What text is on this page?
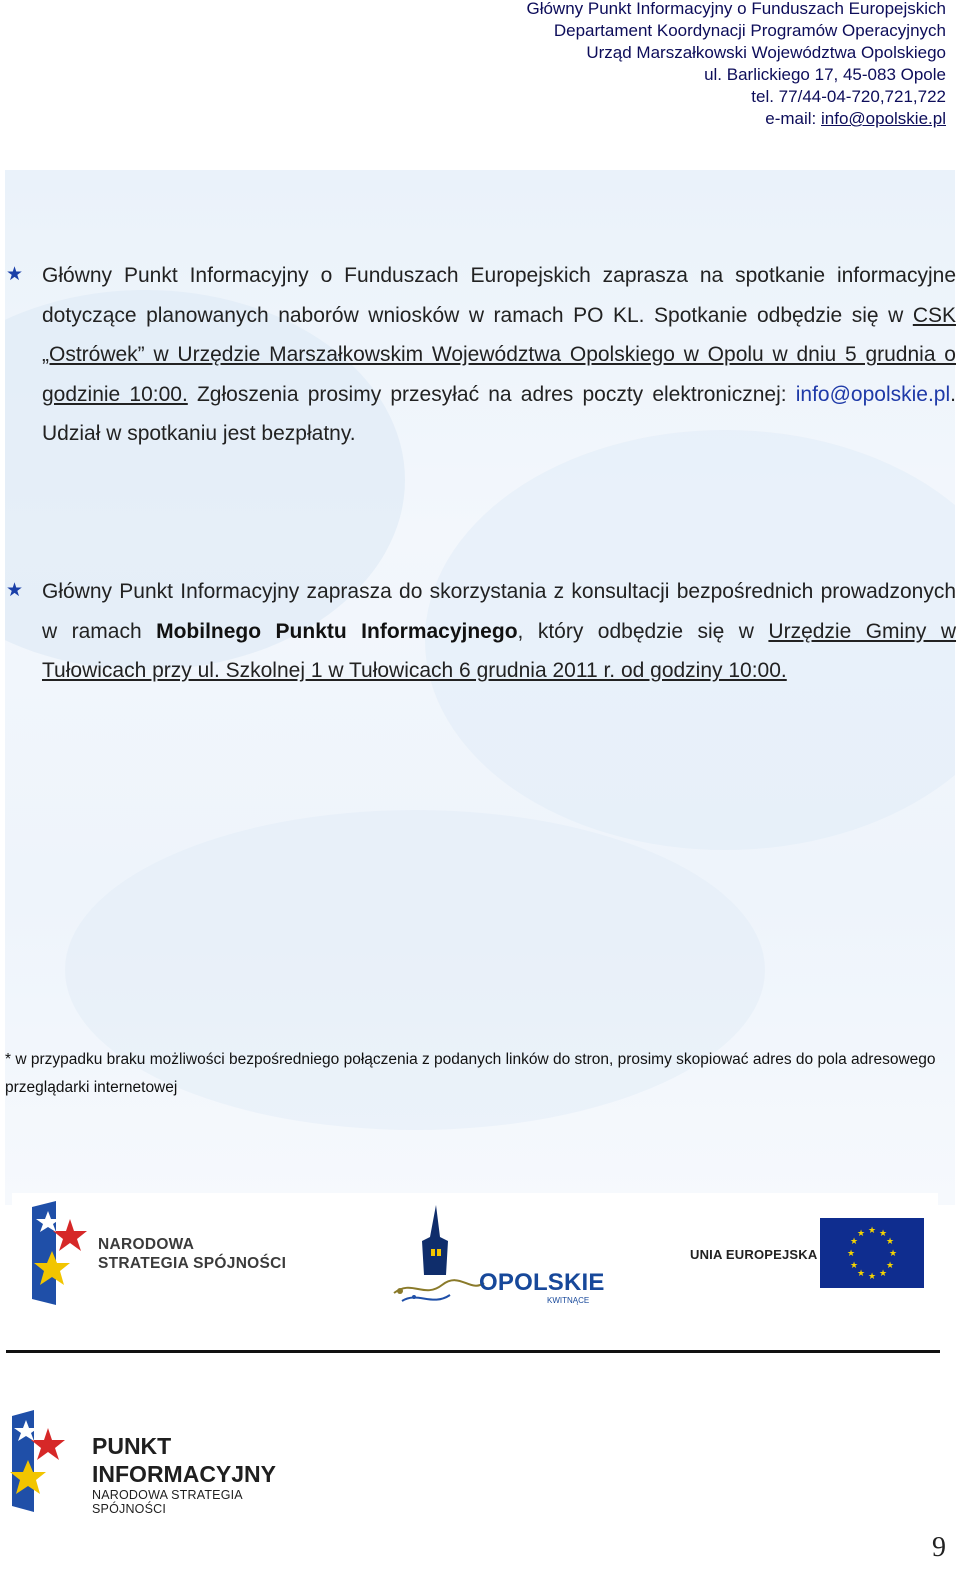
Główny Punkt Informacyjny o Funduszach Europejskich
Departament Koordynacji Programów Operacyjnych
Urząd Marszałkowski Województwa Opolskiego
ul. Barlickiego 17, 45-083 Opole
tel. 77/44-04-720,721,722
e-mail: info@opolskie.pl
★ Główny Punkt Informacyjny o Funduszach Europejskich zaprasza na spotkanie informacyjne dotyczące planowanych naborów wniosków w ramach PO KL. Spotkanie odbędzie się w CSK „Ostrówek” w Urzędzie Marszałkowskim Województwa Opolskiego w Opolu w dniu 5 grudnia o godzinie 10:00. Zgłoszenia prosimy przesyłać na adres poczty elektronicznej: info@opolskie.pl. Udział w spotkaniu jest bezpłatny.
★ Główny Punkt Informacyjny zaprasza do skorzystania z konsultacji bezpośrednich prowadzonych w ramach Mobilnego Punktu Informacyjnego, który odbędzie się w Urzędzie Gminy w Tułowicach przy ul. Szkolnej 1 w Tułowicach 6 grudnia 2011 r. od godziny 10:00.
* w przypadku braku możliwości bezpośredniego połączenia z podanych linków do stron, prosimy skopiować adres do pola adresowego przeglądarki internetowej
NARODOWA
STRATEGIA SPÓJNOŚCI
OPOLSKIE
KWITNĄCE
UNIA EUROPEJSKA
★ ★
★
★
★
★
★
★
★
★
★
★
PUNKT
INFORMACYJNY
NARODOWA STRATEGIA SPÓJNOŚCI
9
